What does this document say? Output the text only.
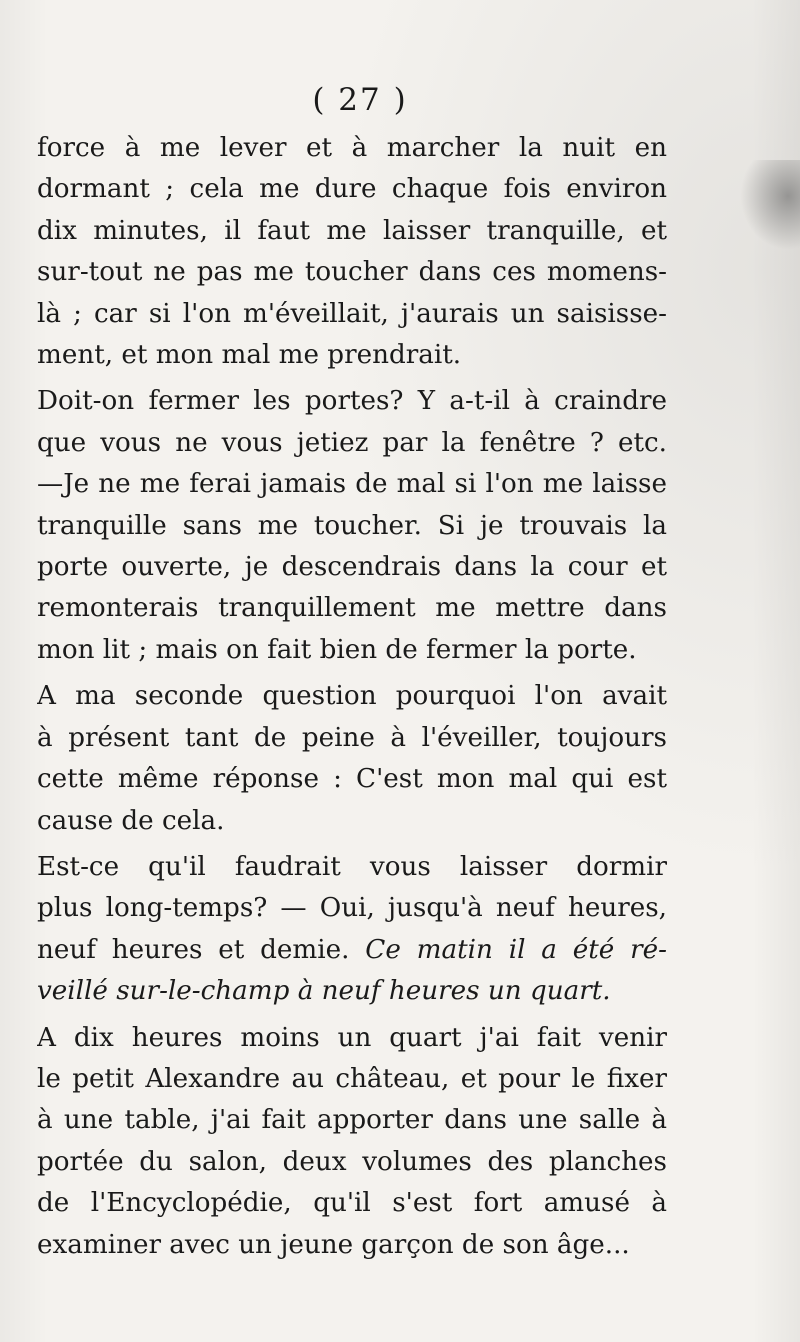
( 27 )
force à me lever et à marcher la nuit en
dormant ; cela me dure chaque fois environ
dix minutes, il faut me laisser tranquille, et
sur-tout ne pas me toucher dans ces momens-
là ; car si l'on m'éveillait, j'aurais un saisisse-
ment, et mon mal me prendrait.
Doit-on fermer les portes? Y a-t-il à craindre
que vous ne vous jetiez par la fenêtre ? etc.
—Je ne me ferai jamais de mal si l'on me laisse
tranquille sans me toucher. Si je trouvais la
porte ouverte, je descendrais dans la cour et
remonterais tranquillement me mettre dans
mon lit ; mais on fait bien de fermer la porte.
A ma seconde question pourquoi l'on avait
à présent tant de peine à l'éveiller, toujours
cette même réponse : C'est mon mal qui est
cause de cela.
Est-ce qu'il faudrait vous laisser dormir
plus long-temps? — Oui, jusqu'à neuf heures,
neuf heures et demie. Ce matin il a été ré-
veillé sur-le-champ à neuf heures un quart.
A dix heures moins un quart j'ai fait venir
le petit Alexandre au château, et pour le fixer
à une table, j'ai fait apporter dans une salle à
portée du salon, deux volumes des planches
de l'Encyclopédie, qu'il s'est fort amusé à
examiner avec un jeune garçon de son âge...
